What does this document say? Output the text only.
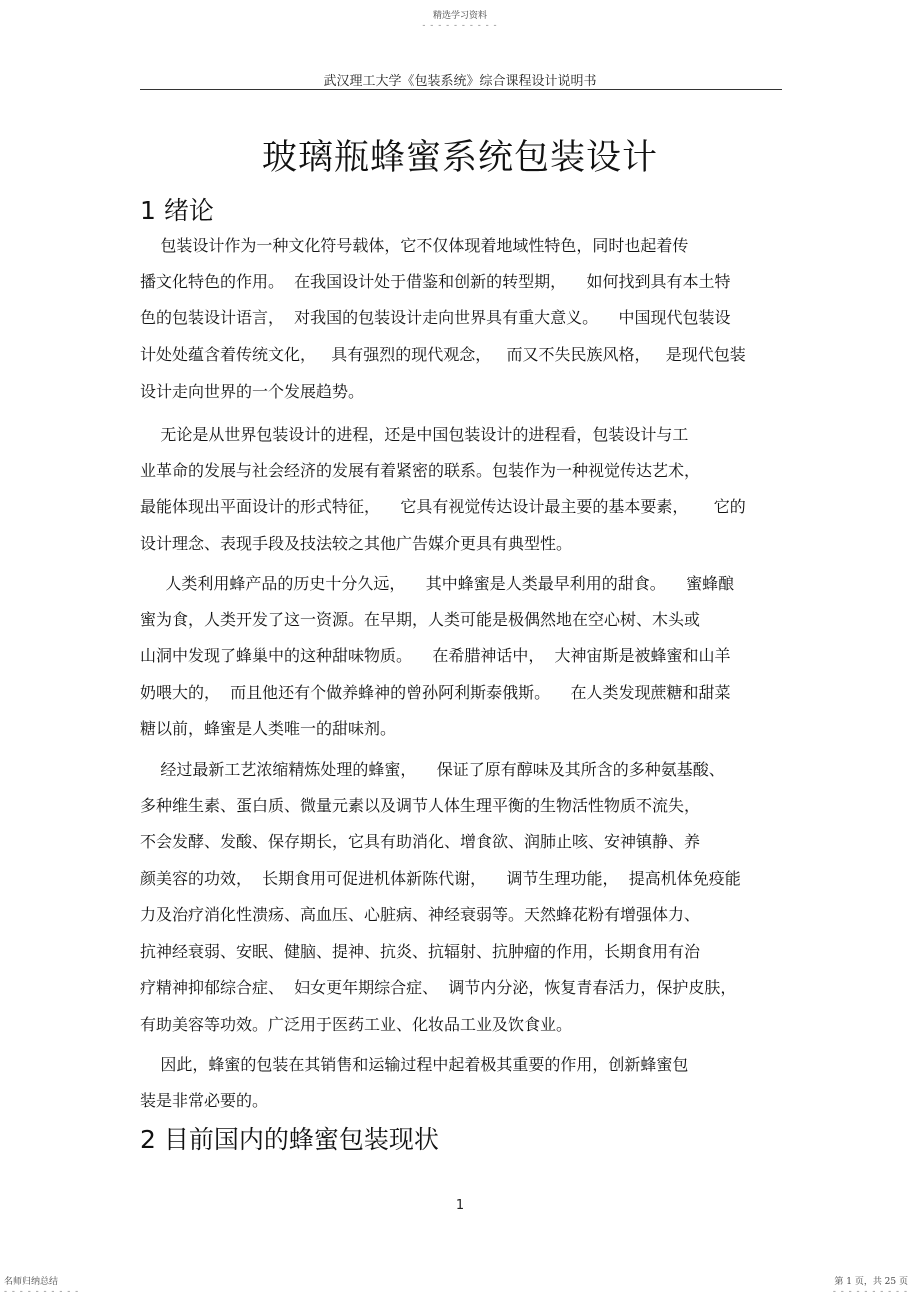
精选学习资料
- - - - - - - - - -
武汉理工大学《包装系统》综合课程设计说明书
玻璃瓶蜂蜜系统包装设计
1 绪论
包装设计作为一种文化符号载体，它不仅体现着地域性特色，同时也起着传
播文化特色的作用。  在我国设计处于借鉴和创新的转型期，    如何找到具有本土特
色的包装设计语言，  对我国的包装设计走向世界具有重大意义。    中国现代包装设
计处处蕴含着传统文化，   具有强烈的现代观念，   而又不失民族风格，   是现代包装
设计走向世界的一个发展趋势。
无论是从世界包装设计的进程，还是中国包装设计的进程看，包装设计与工
业革命的发展与社会经济的发展有着紧密的联系。包装作为一种视觉传达艺术，
最能体现出平面设计的形式特征，    它具有视觉传达设计最主要的基本要素，     它的
设计理念、表现手段及技法较之其他广告媒介更具有典型性。
人类利用蜂产品的历史十分久远，    其中蜂蜜是人类最早利用的甜食。    蜜蜂酿
蜜为食，人类开发了这一资源。在早期，人类可能是极偶然地在空心树、木头或
山洞中发现了蜂巢中的这种甜味物质。    在希腊神话中，  大神宙斯是被蜂蜜和山羊
奶喂大的，  而且他还有个做养蜂神的曾孙阿利斯泰俄斯。    在人类发现蔗糖和甜菜
糖以前，蜂蜜是人类唯一的甜味剂。
经过最新工艺浓缩精炼处理的蜂蜜，    保证了原有醇味及其所含的多种氨基酸、
多种维生素、蛋白质、微量元素以及调节人体生理平衡的生物活性物质不流失，
不会发酵、发酸、保存期长，它具有助消化、增食欲、润肺止咳、安神镇静、养
颜美容的功效，  长期食用可促进机体新陈代谢，    调节生理功能，  提高机体免疫能
力及治疗消化性溃疡、高血压、心脏病、神经衰弱等。天然蜂花粉有增强体力、
抗神经衰弱、安眠、健脑、提神、抗炎、抗辐射、抗肿瘤的作用，长期食用有治
疗精神抑郁综合症、  妇女更年期综合症、  调节内分泌，恢复青春活力，保护皮肤，
有助美容等功效。广泛用于医药工业、化妆品工业及饮食业。
因此，蜂蜜的包装在其销售和运输过程中起着极其重要的作用，创新蜂蜜包
装是非常必要的。
2 目前国内的蜂蜜包装现状
1
名师归纳总结
- - - - - - - - - -
第 1 页，共 25 页
- - - - - - - - - -
